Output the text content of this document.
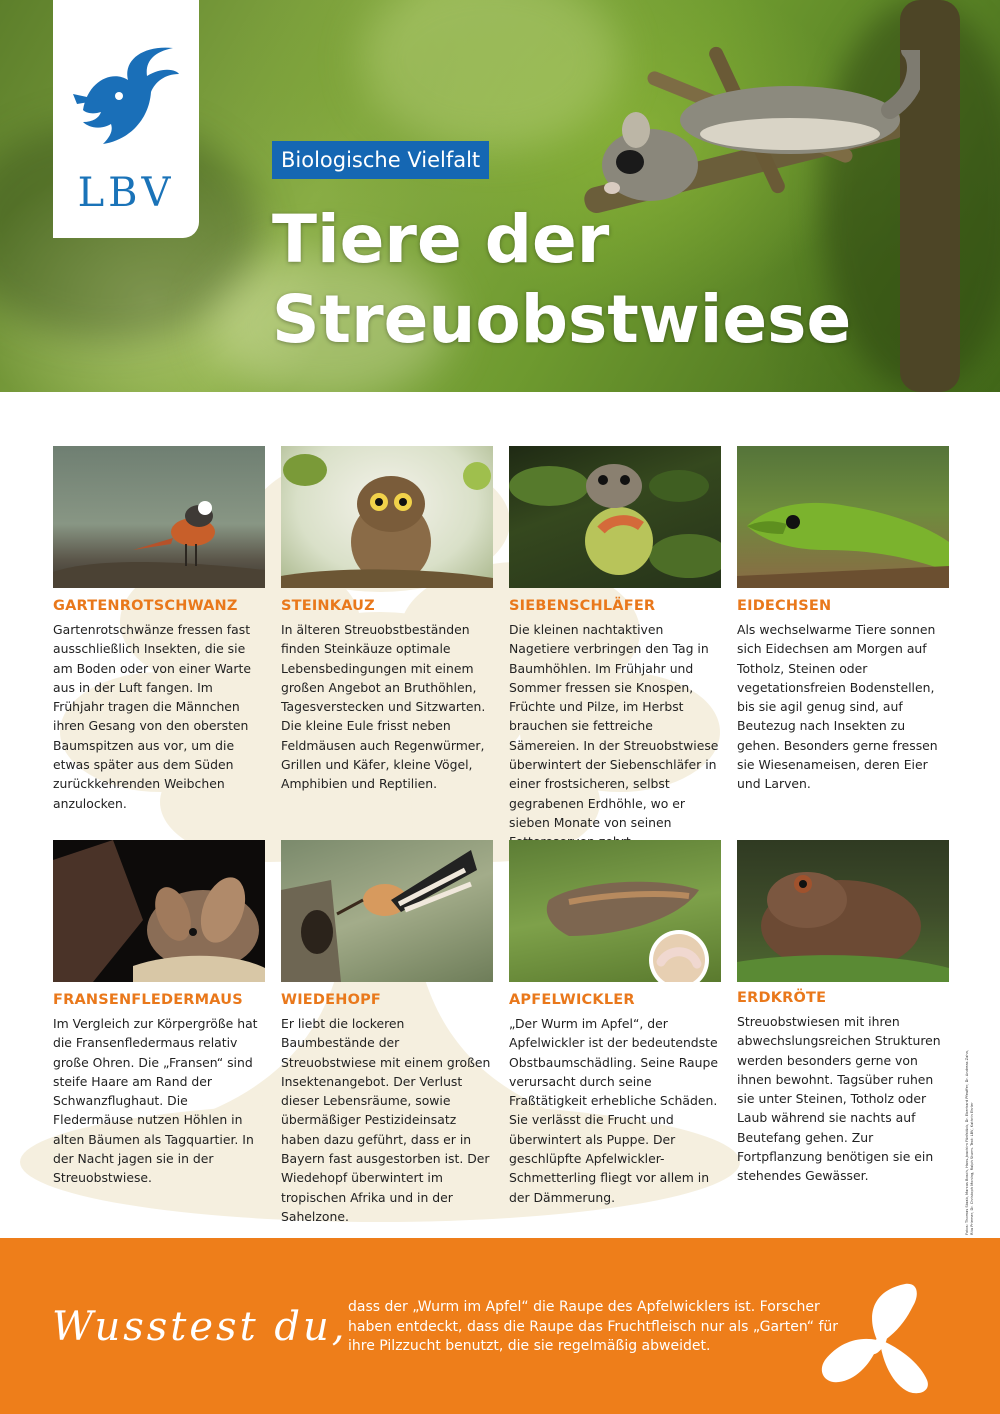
LBV
Biologische Vielfalt
Tiere der
Streuobstwiese
GARTENROTSCHWANZ

Gartenrotschwänze fressen fast ausschließlich Insekten, die sie am Boden oder von einer Warte aus in der Luft fangen. Im Frühjahr tragen die Männchen ihren Gesang von den obersten Baumspitzen aus vor, um die etwas später aus dem Süden zurückkehrenden Weibchen anzulocken.

STEINKAUZ

In älteren Streuobstbeständen finden Steinkäuze optimale Lebensbedingungen mit einem großen Angebot an Bruthöhlen, Tagesverstecken und Sitzwarten. Die kleine Eule frisst neben Feldmäusen auch Regenwürmer, Grillen und Käfer, kleine Vögel, Amphibien und Reptilien.

SIEBENSCHLÄFER

Die kleinen nachtaktiven Nagetiere verbringen den Tag in Baumhöhlen. Im Frühjahr und Sommer fressen sie Knospen, Früchte und Pilze, im Herbst brauchen sie fettreiche Sämereien. In der Streuobstwiese überwintert der Siebenschläfer in einer frostsicheren, selbst gegrabenen Erdhöhle, wo er sieben Monate von seinen

EIDECHSEN

Als wechselwarme Tiere sonnen sich Eidechsen am Morgen auf Totholz, Steinen oder vegetationsfreien Bodenstellen, bis sie agil genug sind, auf Beutezug nach Insekten zu gehen. Besonders gerne fressen sie Wiesenameisen, deren Eier und Larven.

FRANSENFLEDERMAUS

Im Vergleich zur Körpergröße hat die Fransenfledermaus relativ große Ohren. Die „Fransen“ sind steife Haare am Rand der Schwanzflughaut. Die Fledermäuse nutzen Höhlen in alten Bäumen als Tagquartier. In der Nacht jagen sie in der Streuobstwiese.

WIEDEHOPF

Er liebt die lockeren Baumbestände der Streuobstwiese mit einem großen Insektenangebot. Der Verlust dieser Lebensräume, sowie übermäßiger Pestizideinsatz haben dazu geführt, dass er in Bayern fast ausgestorben ist. Der Wiedehopf überwintert im tropischen Afrika und in der Sahelzone.

APFELWICKLER

„Der Wurm im Apfel“, der Apfelwickler ist der bedeutendste Obstbaumschädling. Seine Raupe verursacht durch seine Fraßtätigkeit erhebliche Schäden. Sie verlässt die Frucht und überwintert als Puppe. Der geschlüpfte Apfelwickler-Schmetterling fliegt vor allem in der Dämmerung.

ERDKRÖTE

Streuobstwiesen mit ihren abwechslungsreichen Strukturen werden besonders gerne von ihnen bewohnt. Tagsüber ruhen sie unter Steinen, Totholz oder Laub während sie nachts auf Beutefang gehen. Zur Fortpflanzung benötigen sie ein stehendes Gewässer.	Fotos: Thomas Staab, Marcus Bosch, Hans-Joachim Fünfstück, Dr. Eberhard Pfeuffer, Dr. Andreas Zahn, Rita Priemer, Dr. Christoph Moning, Ralph Sturm. Text: LBV, Kathrin Ehrler
Wusstest du, dass der „Wurm im Apfel“ die Raupe des Apfelwicklers ist. Forscher haben entdeckt, dass die Raupe das Fruchtfleisch nur als „Garten“ für ihre Pilzzucht benutzt, die sie regelmäßig abweidet.
